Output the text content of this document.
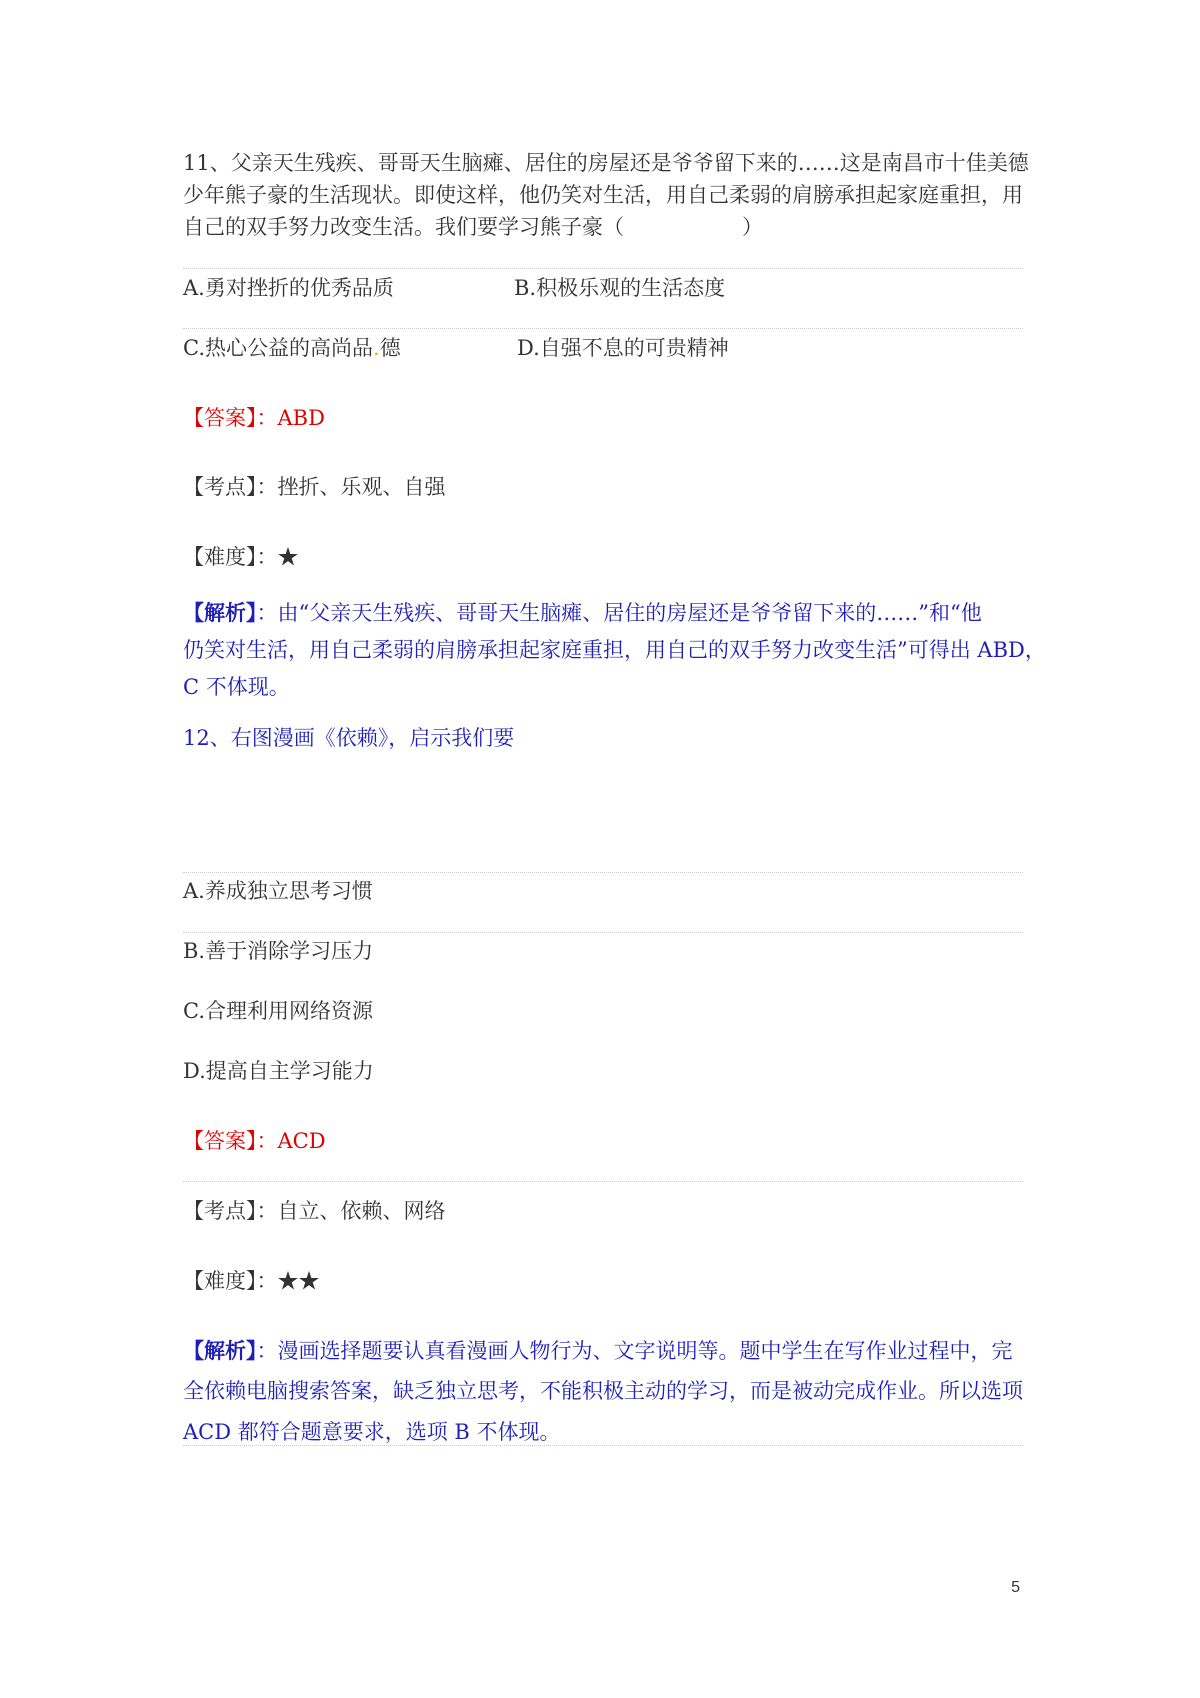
11、父亲天生残疾、哥哥天生脑瘫、居住的房屋还是爷爷留下来的……这是南昌市十佳美德
少年熊子豪的生活现状。即使这样，他仍笑对生活，用自己柔弱的肩膀承担起家庭重担，用
自己的双手努力改变生活。我们要学习熊子豪（	）
A.勇对挫折的优秀品质	B.积极乐观的生活态度
C.热心公益的高尚品.德	D.自强不息的可贵精神
【答案】：ABD
【考点】：挫折、乐观、自强
【难度】：★
【解析】：由“父亲天生残疾、哥哥天生脑瘫、居住的房屋还是爷爷留下来的……”和“他
仍笑对生活，用自己柔弱的肩膀承担起家庭重担，用自己的双手努力改变生活”可得出 ABD，
C 不体现。
12、右图漫画《依赖》，启示我们要
A.养成独立思考习惯
B.善于消除学习压力
C.合理利用网络资源
D.提高自主学习能力
【答案】：ACD
【考点】：自立、依赖、网络
【难度】：★★
【解析】：漫画选择题要认真看漫画人物行为、文字说明等。题中学生在写作业过程中，完
全依赖电脑搜索答案，缺乏独立思考，不能积极主动的学习，而是被动完成作业。所以选项
ACD 都符合题意要求，选项 B 不体现。
5
